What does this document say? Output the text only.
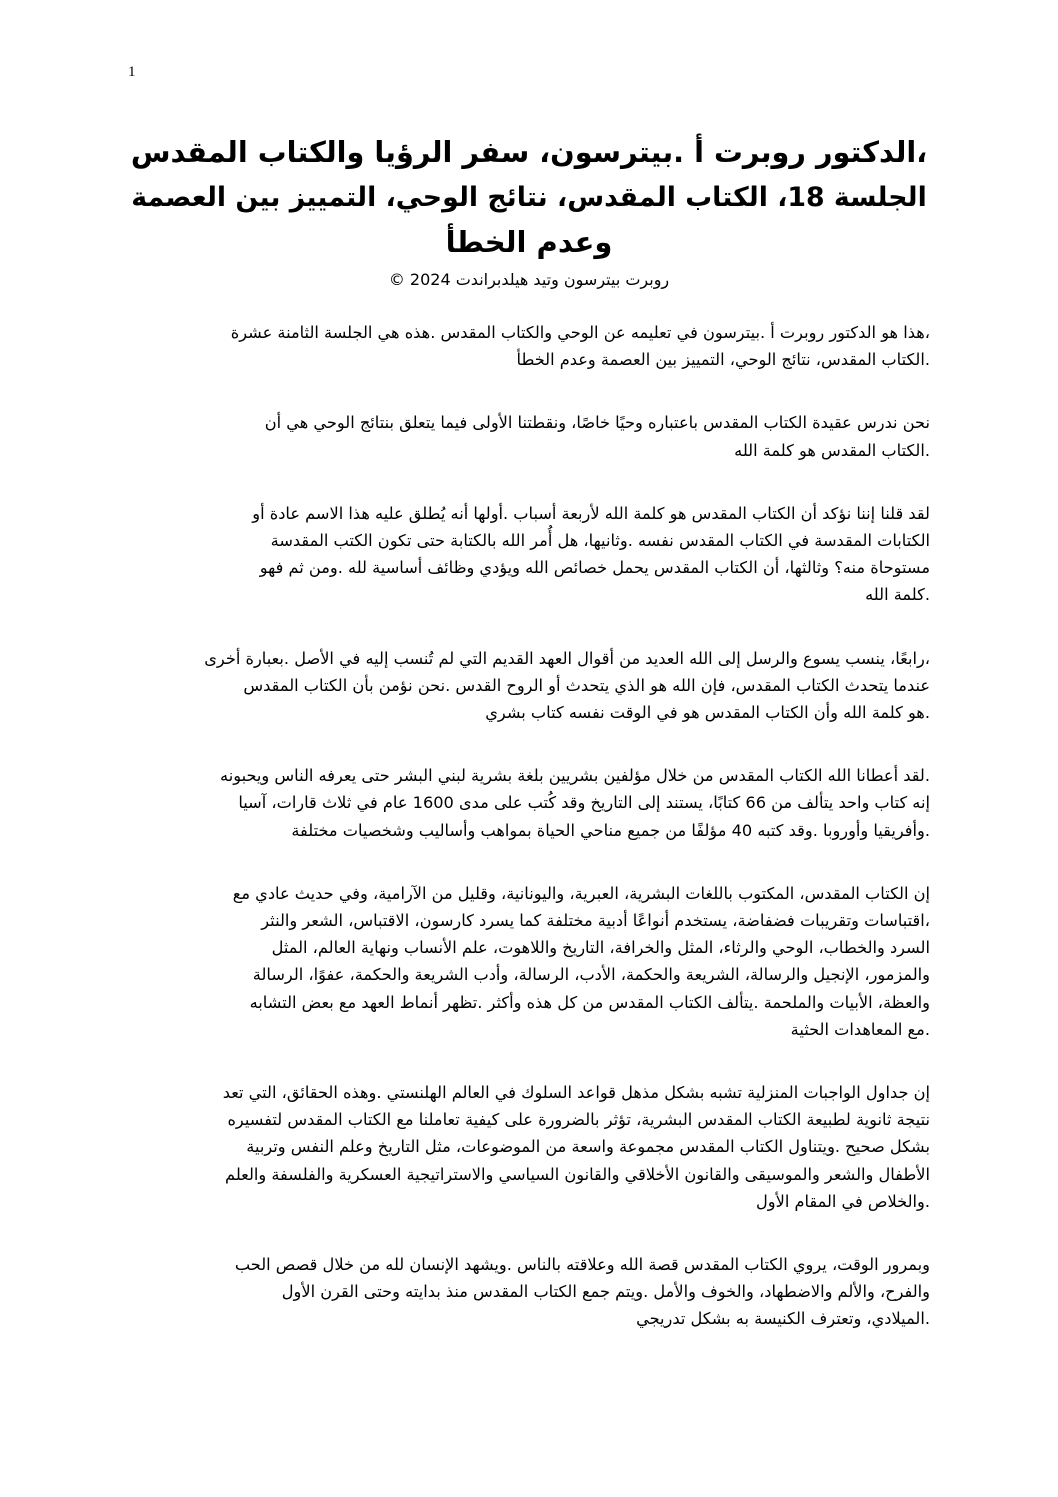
1
،الدكتور روبرت أ .بيترسون، سفر الرؤيا والكتاب المقدس
الجلسة 18، الكتاب المقدس، نتائج الوحي، التمييز بين العصمة
وعدم الخطأ
روبرت بيترسون وتيد هيلدبراندت 2024 ©

،هذا هو الدكتور روبرت أ .بيترسون في تعليمه عن الوحي والكتاب المقدس .هذه هي الجلسة الثامنة عشرة
.الكتاب المقدس، نتائج الوحي، التمييز بين العصمة وعدم الخطأ

نحن ندرس عقيدة الكتاب المقدس باعتباره وحيًا خاصًا، ونقطتنا الأولى فيما يتعلق بنتائج الوحي هي أن
.الكتاب المقدس هو كلمة الله

لقد قلنا إننا نؤكد أن الكتاب المقدس هو كلمة الله لأربعة أسباب .أولها أنه يُطلق عليه هذا الاسم عادة أو
الكتابات المقدسة في الكتاب المقدس نفسه .وثانيها، هل أُمر الله بالكتابة حتى تكون الكتب المقدسة
مستوحاة منه؟ وثالثها، أن الكتاب المقدس يحمل خصائص الله ويؤدي وظائف أساسية لله .ومن ثم فهو
.كلمة الله

،رابعًا، ينسب يسوع والرسل إلى الله العديد من أقوال العهد القديم التي لم تُنسب إليه في الأصل .بعبارة أخرى
عندما يتحدث الكتاب المقدس، فإن الله هو الذي يتحدث أو الروح القدس .نحن نؤمن بأن الكتاب المقدس
.هو كلمة الله وأن الكتاب المقدس هو في الوقت نفسه كتاب بشري

.لقد أعطانا الله الكتاب المقدس من خلال مؤلفين بشريين بلغة بشرية لبني البشر حتى يعرفه الناس ويحبونه
إنه كتاب واحد يتألف من 66 كتابًا، يستند إلى التاريخ وقد كُتب على مدى 1600 عام في ثلاث قارات، آسيا
.وأفريقيا وأوروبا .وقد كتبه 40 مؤلفًا من جميع مناحي الحياة بمواهب وأساليب وشخصيات مختلفة

إن الكتاب المقدس، المكتوب باللغات البشرية، العبرية، واليونانية، وقليل من الآرامية، وفي حديث عادي مع
،اقتباسات وتقريبات فضفاضة، يستخدم أنواعًا أدبية مختلفة كما يسرد كارسون، الاقتباس، الشعر والنثر
السرد والخطاب، الوحي والرثاء، المثل والخرافة، التاريخ واللاهوت، علم الأنساب ونهاية العالم، المثل
والمزمور، الإنجيل والرسالة، الشريعة والحكمة، الأدب، الرسالة، وأدب الشريعة والحكمة، عفوًا، الرسالة
والعظة، الأبيات والملحمة .يتألف الكتاب المقدس من كل هذه وأكثر .تظهر أنماط العهد مع بعض التشابه
.مع المعاهدات الحثية

إن جداول الواجبات المنزلية تشبه بشكل مذهل قواعد السلوك في العالم الهلنستي .وهذه الحقائق، التي تعد
نتيجة ثانوية لطبيعة الكتاب المقدس البشرية، تؤثر بالضرورة على كيفية تعاملنا مع الكتاب المقدس لتفسيره
بشكل صحيح .ويتناول الكتاب المقدس مجموعة واسعة من الموضوعات، مثل التاريخ وعلم النفس وتربية
الأطفال والشعر والموسيقى والقانون الأخلاقي والقانون السياسي والاستراتيجية العسكرية والفلسفة والعلم
.والخلاص في المقام الأول

وبمرور الوقت، يروي الكتاب المقدس قصة الله وعلاقته بالناس .ويشهد الإنسان لله من خلال قصص الحب
والفرح، والألم والاضطهاد، والخوف والأمل .ويتم جمع الكتاب المقدس منذ بدايته وحتى القرن الأول
.الميلادي، وتعترف الكنيسة به بشكل تدريجي
